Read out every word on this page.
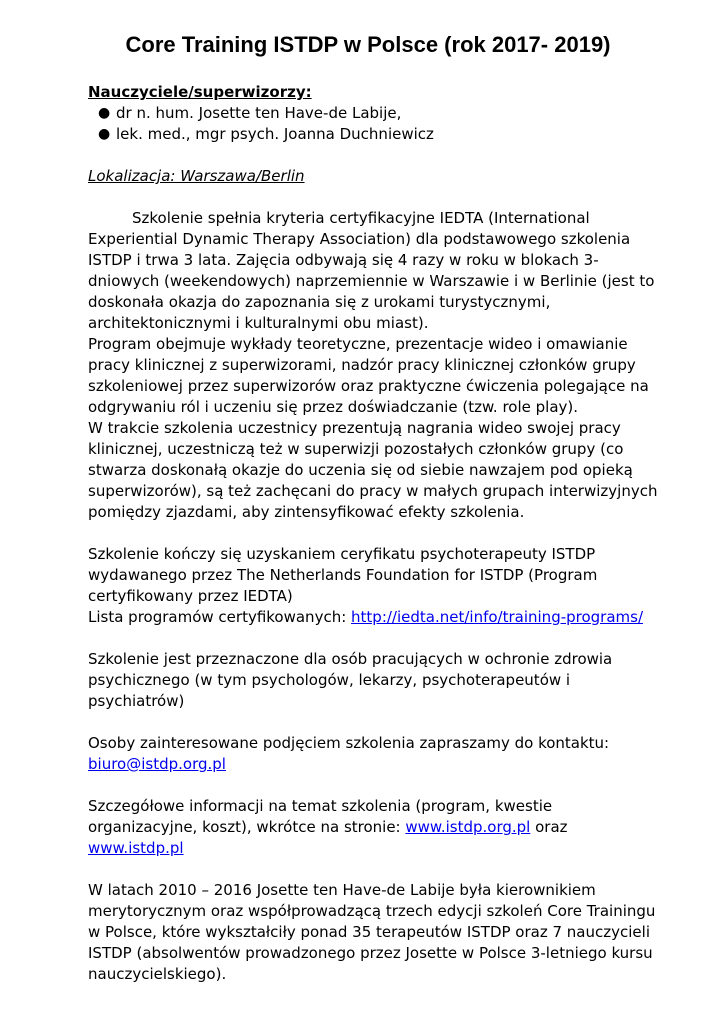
Core Training ISTDP w Polsce (rok 2017- 2019)
Nauczyciele/superwizorzy:
● dr n. hum. Josette ten Have-de Labije,
● lek. med., mgr psych. Joanna Duchniewicz
Lokalizacja: Warszawa/Berlin

Szkolenie spełnia kryteria certyfikacyjne IEDTA (International Experiential Dynamic Therapy Association) dla podstawowego szkolenia ISTDP i trwa 3 lata. Zajęcia odbywają się 4 razy w roku w blokach 3-dniowych (weekendowych) naprzemiennie w Warszawie i w Berlinie (jest to doskonała okazja do zapoznania się z urokami turystycznymi, architektonicznymi i kulturalnymi obu miast).

Program obejmuje wykłady teoretyczne, prezentacje wideo i omawianie pracy klinicznej z superwizorami, nadzór pracy klinicznej członków grupy szkoleniowej przez superwizorów oraz praktyczne ćwiczenia polegające na odgrywaniu ról i uczeniu się przez doświadczanie (tzw. role play).

W trakcie szkolenia uczestnicy prezentują nagrania wideo swojej pracy klinicznej, uczestniczą też w superwizji pozostałych członków grupy (co stwarza doskonałą okazje do uczenia się od siebie nawzajem pod opieką superwizorów), są też zachęcani do pracy w małych grupach interwizyjnych pomiędzy zjazdami, aby zintensyfikować efekty szkolenia.

Szkolenie kończy się uzyskaniem ceryfikatu psychoterapeuty ISTDP wydawanego przez The Netherlands Foundation for ISTDP (Program certyfikowany przez IEDTA)

Lista programów certyfikowanych: http://iedta.net/info/training-programs/

Szkolenie jest przeznaczone dla osób pracujących w ochronie zdrowia psychicznego (w tym psychologów, lekarzy, psychoterapeutów i psychiatrów)

Osoby zainteresowane podjęciem szkolenia zapraszamy do kontaktu:

biuro@istdp.org.pl

Szczegółowe informacji na temat szkolenia (program, kwestie organizacyjne, koszt), wkrótce na stronie: www.istdp.org.pl oraz www.istdp.pl

W latach 2010 – 2016 Josette ten Have-de Labije była kierownikiem merytorycznym oraz współprowadzącą trzech edycji szkoleń Core Trainingu w Polsce, które wykształciły ponad 35 terapeutów ISTDP oraz 7 nauczycieli ISTDP (absolwentów prowadzonego przez Josette w Polsce 3-letniego kursu nauczycielskiego).
